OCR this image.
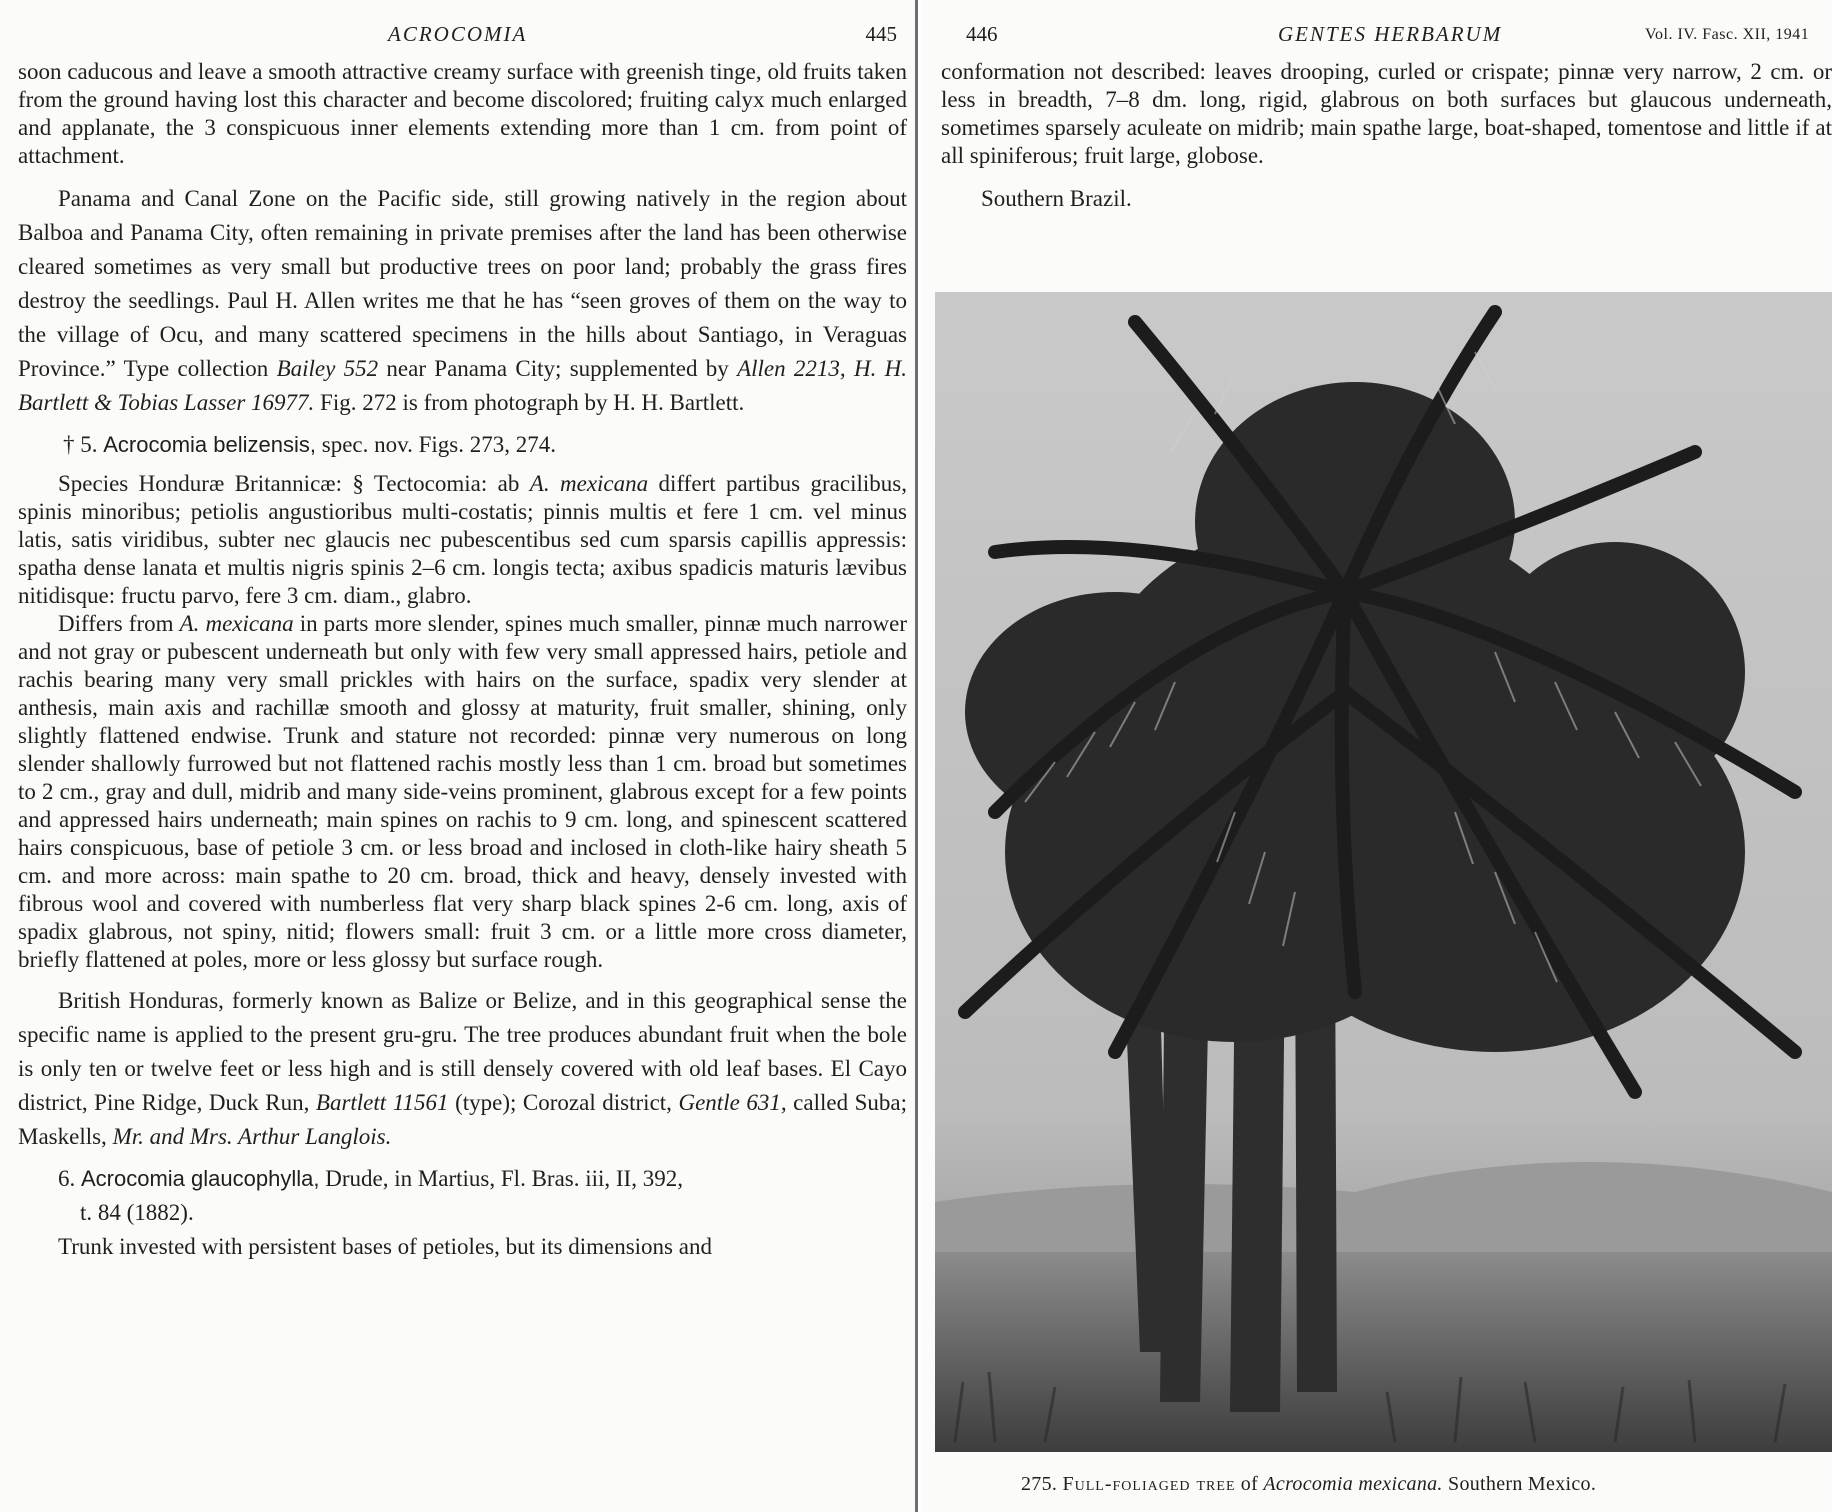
ACROCOMIA	445

soon caducous and leave a smooth attractive creamy surface with greenish tinge, old fruits taken from the ground having lost this character and become discolored; fruiting calyx much enlarged and applanate, the 3 conspicuous inner elements extending more than 1 cm. from point of attachment.

Panama and Canal Zone on the Pacific side, still growing natively in the region about Balboa and Panama City, often remaining in private premises after the land has been otherwise cleared sometimes as very small but productive trees on poor land; probably the grass fires destroy the seedlings. Paul H. Allen writes me that he has “seen groves of them on the way to the village of Ocu, and many scattered specimens in the hills about Santiago, in Veraguas Province.” Type collection Bailey 552 near Panama City; supplemented by Allen 2213, H. H. Bartlett & Tobias Lasser 16977. Fig. 272 is from photograph by H. H. Bartlett.

† 5. Acrocomia belizensis, spec. nov. Figs. 273, 274.

Species Honduræ Britannicæ: § Tectocomia: ab A. mexicana differt partibus gracilibus, spinis minoribus; petiolis angustioribus multi-costatis; pinnis multis et fere 1 cm. vel minus latis, satis viridibus, subter nec glaucis nec pubescentibus sed cum sparsis capillis appressis: spatha dense lanata et multis nigris spinis 2–6 cm. longis tecta; axibus spadicis maturis lævibus nitidisque: fructu parvo, fere 3 cm. diam., glabro.

Differs from A. mexicana in parts more slender, spines much smaller, pinnæ much narrower and not gray or pubescent underneath but only with few very small appressed hairs, petiole and rachis bearing many very small prickles with hairs on the surface, spadix very slender at anthesis, main axis and rachillæ smooth and glossy at maturity, fruit smaller, shining, only slightly flattened endwise. Trunk and stature not recorded: pinnæ very numerous on long slender shallowly furrowed but not flattened rachis mostly less than 1 cm. broad but sometimes to 2 cm., gray and dull, midrib and many side-veins prominent, glabrous except for a few points and appressed hairs underneath; main spines on rachis to 9 cm. long, and spinescent scattered hairs conspicuous, base of petiole 3 cm. or less broad and inclosed in cloth-like hairy sheath 5 cm. and more across: main spathe to 20 cm. broad, thick and heavy, densely invested with fibrous wool and covered with numberless flat very sharp black spines 2-6 cm. long, axis of spadix glabrous, not spiny, nitid; flowers small: fruit 3 cm. or a little more cross diameter, briefly flattened at poles, more or less glossy but surface rough.

British Honduras, formerly known as Balize or Belize, and in this geographical sense the specific name is applied to the present gru-gru. The tree produces abundant fruit when the bole is only ten or twelve feet or less high and is still densely covered with old leaf bases. El Cayo district, Pine Ridge, Duck Run, Bartlett 11561 (type); Corozal district, Gentle 631, called Suba; Maskells, Mr. and Mrs. Arthur Langlois.

6. Acrocomia glaucophylla, Drude, in Martius, Fl. Bras. iii, II, 392,
t. 84 (1882).

Trunk invested with persistent bases of petioles, but its dimensions and

446	GENTES HERBARUM	Vol. IV. Fasc. XII, 1941

conformation not described: leaves drooping, curled or crispate; pinnæ very narrow, 2 cm. or less in breadth, 7–8 dm. long, rigid, glabrous on both surfaces but glaucous underneath, sometimes sparsely aculeate on midrib; main spathe large, boat-shaped, tomentose and little if at all spiniferous; fruit large, globose.

Southern Brazil.

275. Full-foliaged tree of Acrocomia mexicana. Southern Mexico.
